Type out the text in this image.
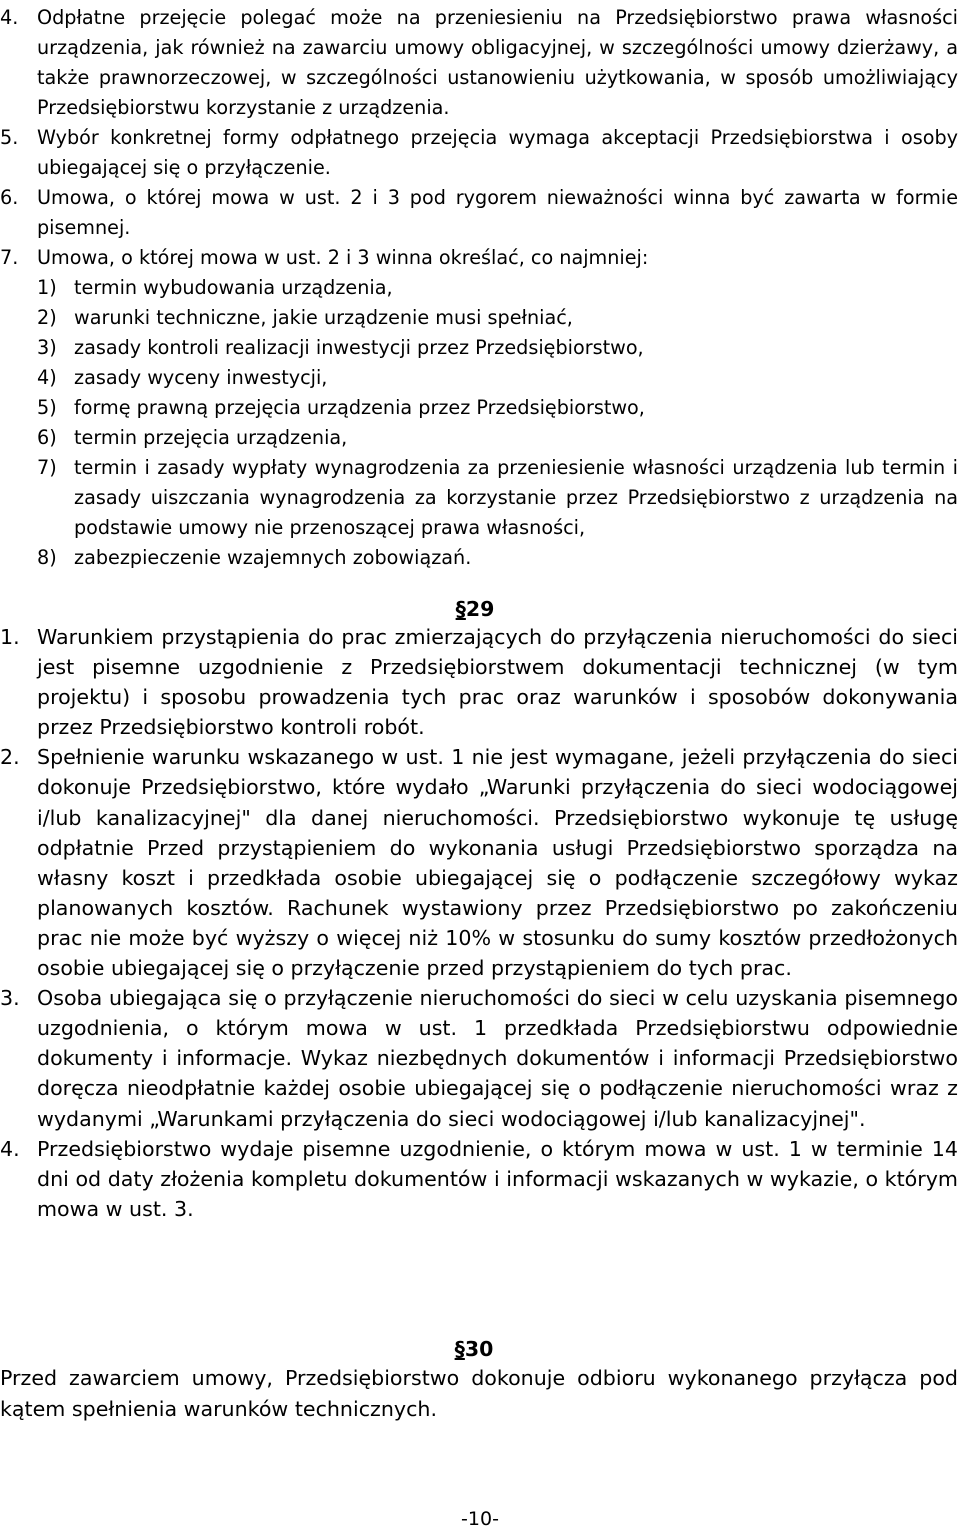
4. Odpłatne przejęcie polegać może na przeniesieniu na Przedsiębiorstwo prawa własności urządzenia, jak również na zawarciu umowy obligacyjnej, w szczególności umowy dzierżawy, a także prawnorzeczowej, w szczególności ustanowieniu użytkowania, w sposób umożliwiający Przedsiębiorstwu korzystanie z urządzenia.

5. Wybór konkretnej formy odpłatnego przejęcia wymaga akceptacji Przedsiębiorstwa i osoby ubiegającej się o przyłączenie.

6. Umowa, o której mowa w ust. 2 i 3 pod rygorem nieważności winna być zawarta w formie pisemnej.

7. Umowa, o której mowa w ust. 2 i 3 winna określać, co najmniej:

1) termin wybudowania urządzenia,

2) warunki techniczne, jakie urządzenie musi spełniać,

3) zasady kontroli realizacji inwestycji przez Przedsiębiorstwo,

4) zasady wyceny inwestycji,

5) formę prawną przejęcia urządzenia przez Przedsiębiorstwo,

6) termin przejęcia urządzenia,

7) termin i zasady wypłaty wynagrodzenia za przeniesienie własności urządzenia lub termin i zasady uiszczania wynagrodzenia za korzystanie przez Przedsiębiorstwo z urządzenia na podstawie umowy nie przenoszącej prawa własności,

8) zabezpieczenie wzajemnych zobowiązań.

§29

1. Warunkiem przystąpienia do prac zmierzających do przyłączenia nieruchomości do sieci jest pisemne uzgodnienie z Przedsiębiorstwem dokumentacji technicznej (w tym projektu) i sposobu prowadzenia tych prac oraz warunków i sposobów dokonywania przez Przedsiębiorstwo kontroli robót.

2. Spełnienie warunku wskazanego w ust. 1 nie jest wymagane, jeżeli przyłączenia do sieci dokonuje Przedsiębiorstwo, które wydało „Warunki przyłączenia do sieci wodociągowej i/lub kanalizacyjnej" dla danej nieruchomości. Przedsiębiorstwo wykonuje tę usługę odpłatnie Przed przystąpieniem do wykonania usługi Przedsiębiorstwo sporządza na własny koszt i przedkłada osobie ubiegającej się o podłączenie szczegółowy wykaz planowanych kosztów. Rachunek wystawiony przez Przedsiębiorstwo po zakończeniu prac nie może być wyższy o więcej niż 10% w stosunku do sumy kosztów przedłożonych osobie ubiegającej się o przyłączenie przed przystąpieniem do tych prac.

3. Osoba ubiegająca się o przyłączenie nieruchomości do sieci w celu uzyskania pisemnego uzgodnienia, o którym mowa w ust. 1 przedkłada Przedsiębiorstwu odpowiednie dokumenty i informacje. Wykaz niezbędnych dokumentów i informacji Przedsiębiorstwo doręcza nieodpłatnie każdej osobie ubiegającej się o podłączenie nieruchomości wraz z wydanymi „Warunkami przyłączenia do sieci wodociągowej i/lub kanalizacyjnej".

4. Przedsiębiorstwo wydaje pisemne uzgodnienie, o którym mowa w ust. 1 w terminie 14 dni od daty złożenia kompletu dokumentów i informacji wskazanych w wykazie, o którym mowa w ust. 3.

§30

Przed zawarciem umowy, Przedsiębiorstwo dokonuje odbioru wykonanego przyłącza pod kątem spełnienia warunków technicznych.

-10-
